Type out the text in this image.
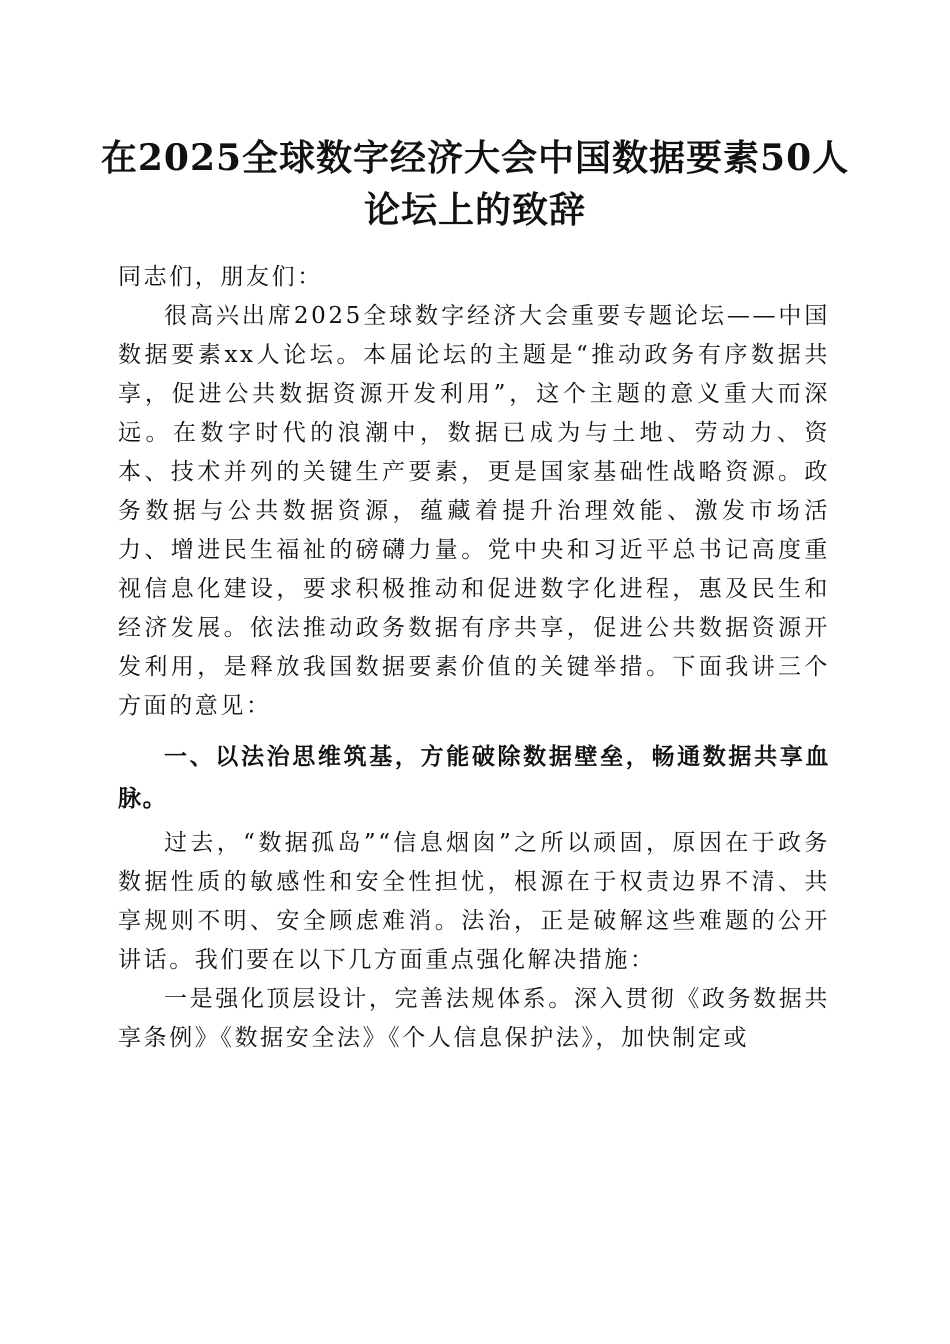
在2025全球数字经济大会中国数据要素50人
论坛上的致辞

同志们，朋友们：

很高兴出席2025全球数字经济大会重要专题论坛——中国数据要素xx人论坛。本届论坛的主题是“推动政务有序数据共享，促进公共数据资源开发利用”，这个主题的意义重大而深远。在数字时代的浪潮中，数据已成为与土地、劳动力、资本、技术并列的关键生产要素，更是国家基础性战略资源。政务数据与公共数据资源，蕴藏着提升治理效能、激发市场活力、增进民生福祉的磅礴力量。党中央和习近平总书记高度重视信息化建设，要求积极推动和促进数字化进程，惠及民生和经济发展。依法推动政务数据有序共享，促进公共数据资源开发利用，是释放我国数据要素价值的关键举措。下面我讲三个方面的意见：

一、以法治思维筑基，方能破除数据壁垒，畅通数据共享血脉。

过去，“数据孤岛”“信息烟囱”之所以顽固，原因在于政务数据性质的敏感性和安全性担忧，根源在于权责边界不清、共享规则不明、安全顾虑难消。法治，正是破解这些难题的公开讲话。我们要在以下几方面重点强化解决措施：

一是强化顶层设计，完善法规体系。深入贯彻《政务数据共享条例》《数据安全法》《个人信息保护法》，加快制定或
